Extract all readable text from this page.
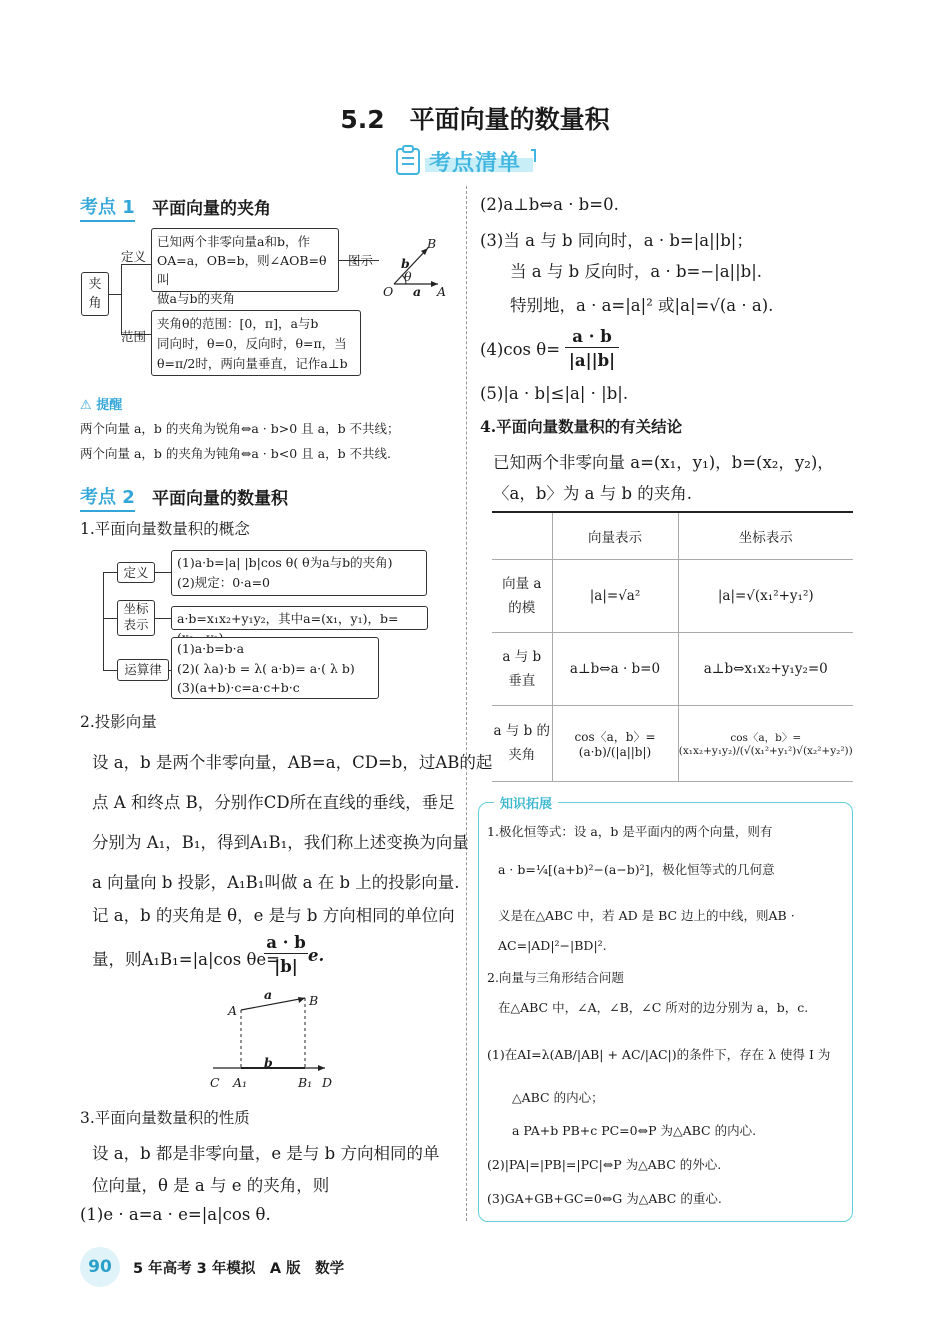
5.2　平面向量的数量积
考点清单
考点 1 平面向量的夹角
夹
角
定义
范围
已知两个非零向量a和b，作
OA=a，OB=b，则∠AOB=θ叫
做a与b的夹角
图示
夹角θ的范围：[0，π]，a与b
同向时，θ=0，反向时，θ=π，当
θ=π/2时，两向量垂直，记作a⊥b
B
b
θ
O a A
⚠ 提醒
两个向量 a，b 的夹角为锐角⇔a · b>0 且 a，b 不共线；
两个向量 a，b 的夹角为钝角⇔a · b<0 且 a，b 不共线.
考点 2 平面向量的数量积
1.平面向量数量积的概念
定义
坐标
表示
运算律
(1)a·b=|a| |b|cos θ( θ为a与b的夹角)
(2)规定：0·a=0
a·b=x₁x₂+y₁y₂，其中a=(x₁，y₁)，b=
(1)a·b=b·a
(2)( λa)·b = λ( a·b)= a·( λ b)
(3)(a+b)·c=a·c+b·c
2.投影向量
设 a，b 是两个非零向量，AB=a，CD=b，过AB的起
点 A 和终点 B，分别作CD所在直线的垂线，垂足
分别为 A₁，B₁，得到A₁B₁，我们称上述变换为向量
a 向量向 b 投影，A₁B₁叫做 a 在 b 上的投影向量.
记 a，b 的夹角是 θ，e 是与 b 方向相同的单位向
量，则A₁B₁=|a|cos θe=
a · b
|b|
e.
a
A
B
b
C A₁	B₁ D
3.平面向量数量积的性质
设 a，b 都是非零向量，e 是与 b 方向相同的单
位向量，θ 是 a 与 e 的夹角，则
(1)e · a=a · e=|a|cos θ.
(2)a⊥b⇔a · b=0.
(3)当 a 与 b 同向时，a · b=|a||b|；
当 a 与 b 反向时，a · b=−|a||b|.
特别地，a · a=|a|² 或|a|=√(a · a).
(4)cos θ=
a · b
|a||b|
(5)|a · b|≤|a| · |b|.
4.平面向量数量积的有关结论
已知两个非零向量 a=(x₁，y₁)，b=(x₂，y₂)，
〈a，b〉为 a 与 b 的夹角.
	向量表示	坐标表示
向量 a
的模	|a|=√a²	|a|=√(x₁²+y₁²)
a 与 b
垂直	a⊥b⇔a · b=0	a⊥b⇔x₁x₂+y₁y₂=0
a 与 b 的
夹角	cos〈a，b〉=(a·b)/(|a||b|)	cos〈a，b〉=(x₁x₂+y₁y₂)/(√(x₁²+y₁²)√(x₂²+y₂²))
知识拓展
1.极化恒等式：设 a，b 是平面内的两个向量，则有
a · b=¼[(a+b)²−(a−b)²]，极化恒等式的几何意
义是在△ABC 中，若 AD 是 BC 边上的中线，则AB ·
AC=|AD|²−|BD|².
2.向量与三角形结合问题
在△ABC 中，∠A，∠B，∠C 所对的边分别为 a，b，c.
(1)在AI=λ(AB/|AB| + AC/|AC|)的条件下，存在 λ 使得 I 为
△ABC 的内心；
a PA+b PB+c PC=0⇔P 为△ABC 的内心.
(2)|PA|=|PB|=|PC|⇔P 为△ABC 的外心.
(3)GA+GB+GC=0⇔G 为△ABC 的重心.
90	5 年高考 3 年模拟　A 版　数学
